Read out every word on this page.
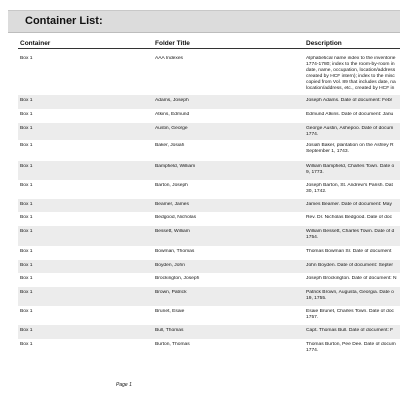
Container List:
Container	Folder Title	Description
Box 1	AAA Indexes	Alphabetical name index to the inventorie
1774-1780; index to the room-by-room in
date, name, occupation, location/address
created by HCF intern); index to the misc
copied from Vol. 89 that includes date, na
location/address, etc., created by HCF in
Box 1	Adams, Joseph	Joseph Adams. Date of document: Febr
Box 1	Atkins, Edmund	Edmund Atkins. Date of document: Janu
Box 1	Austin, George	George Austin, Ashepoo. Date of docum
1774.
Box 1	Baker, Josiah	Josiah Baker, plantation on the Ashley R
September 1, 1743.
Box 1	Bampfield, William	William Bampfield, Charles Town. Date o
9, 1773.
Box 1	Barton, Joseph	Joseph Barton, St. Andrew's Parish. Dat
30, 1742.
Box 1	Beamer, James	James Beamer. Date of document: May
Box 1	Bedgood, Nicholas	Rev. Dr. Nicholas Bedgood. Date of doc
Box 1	Bessett, William	William Bessett, Charles Town. Date of d
1754.
Box 1	Bowman, Thomas	Thomas Bowman Sr. Date of document
Box 1	Boyden, John	John Boyden. Date of document: Septer
Box 1	Brockington, Joseph	Joseph Brockington. Date of document: N
Box 1	Brown, Patrick	Patrick Brown, Augusta, Georgia. Date o
19, 1755.
Box 1	Brunet, Esaie	Esaie Brunet, Charles Town. Date of doc
1757.
Box 1	Bull, Thomas	Capt. Thomas Bull. Date of document: F
Box 1	Burton, Thomas	Thomas Burton, Pee Dee. Date of docum
1774.
Page 1
